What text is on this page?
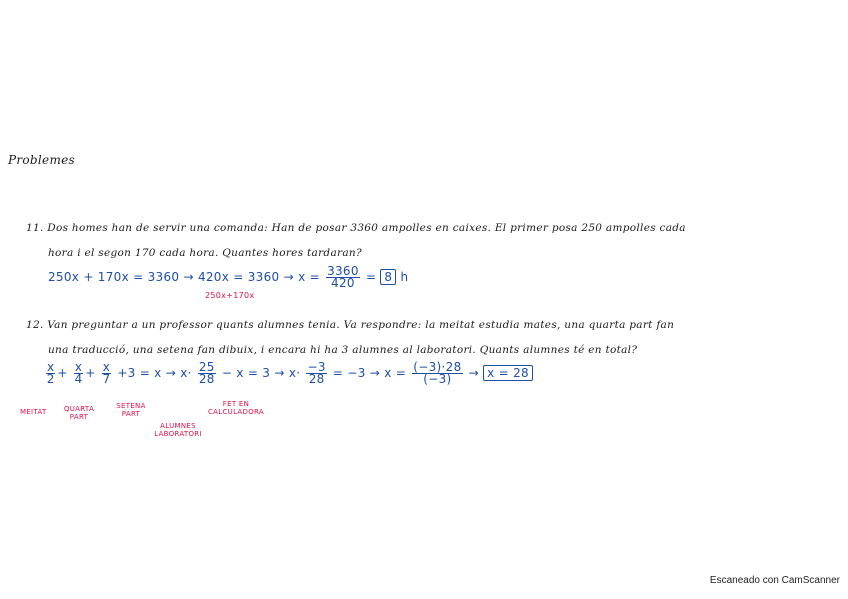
Problemes
11. Dos homes han de servir una comanda: Han de posar 3360 ampolles en caixes. El primer posa 250 ampolles cada
hora i el segon 170 cada hora. Quantes hores tardaran?
$250x + 170x = 3360 \to 420x = 3360 \to x = \frac{3360}{420} = 8$ h
250x+170x
12. Van preguntar a un professor quants alumnes tenia. Va respondre: la meitat estudia mates, una quarta part fan
una traducció, una setena fan dibuix, i encara hi ha 3 alumnes al laboratori. Quants alumnes té en total?
$\frac{x}{2} + \frac{x}{4} + \frac{x}{7} +3 = x \to x\cdot \frac{25}{28} - x = 3 \to x\cdot \frac{-3}{28} = -3 \to x = \frac{(-3)\cdot 28}{(-3)} \to x = 28$
MEITAT QUARTA PART
SETENA PART
ALUMNES LABORATORI
FET EN CALCULADORA
Escaneado con CamScanner
